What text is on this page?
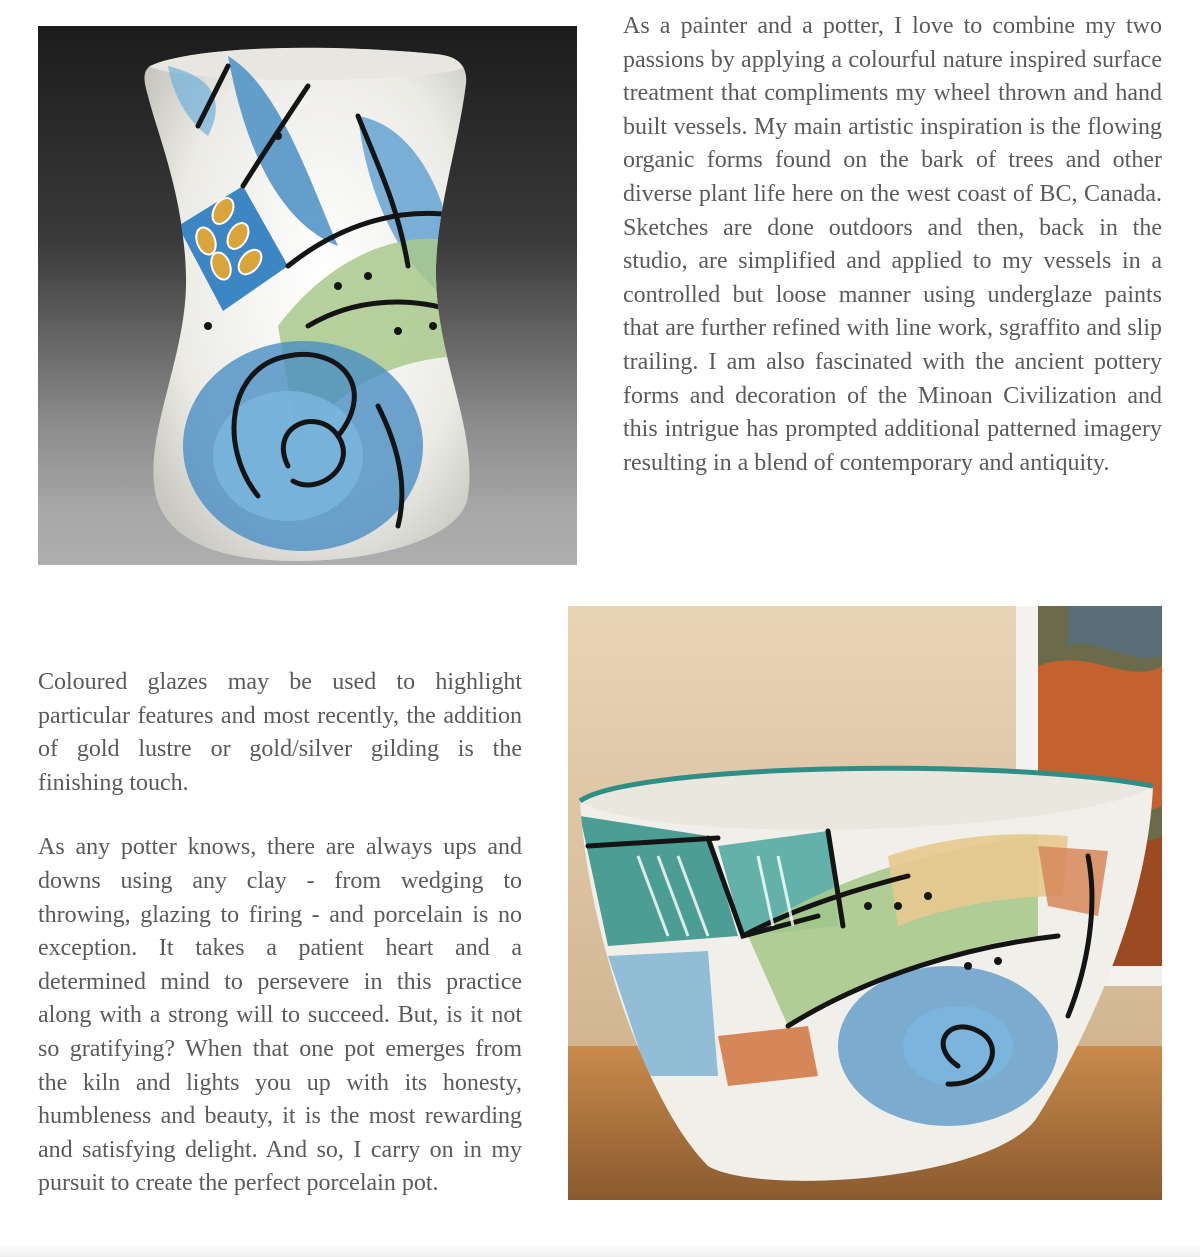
As a painter and a potter, I love to combine my two passions by applying a colourful nature inspired surface treatment that compliments my wheel thrown and hand built vessels. My main artistic inspiration is the flowing organic forms found on the bark of trees and other diverse plant life here on the west coast of BC, Canada. Sketches are done outdoors and then, back in the studio, are simplified and applied to my vessels in a controlled but loose manner using underglaze paints that are further refined with line work, sgraffito and slip trailing. I am also fascinated with the ancient pottery forms and decoration of the Minoan Civilization and this intrigue has prompted additional patterned imagery resulting in a blend of contemporary and antiquity.

Coloured glazes may be used to highlight particular features and most recently, the addition of gold lustre or gold/silver gilding is the finishing touch.

As any potter knows, there are always ups and downs using any clay - from wedging to throwing, glazing to firing - and porcelain is no exception. It takes a patient heart and a determined mind to persevere in this practice along with a strong will to succeed. But, is it not so gratifying? When that one pot emerges from the kiln and lights you up with its honesty, humbleness and beauty, it is the most rewarding and satisfying delight. And so, I carry on in my pursuit to create the perfect porcelain pot.
